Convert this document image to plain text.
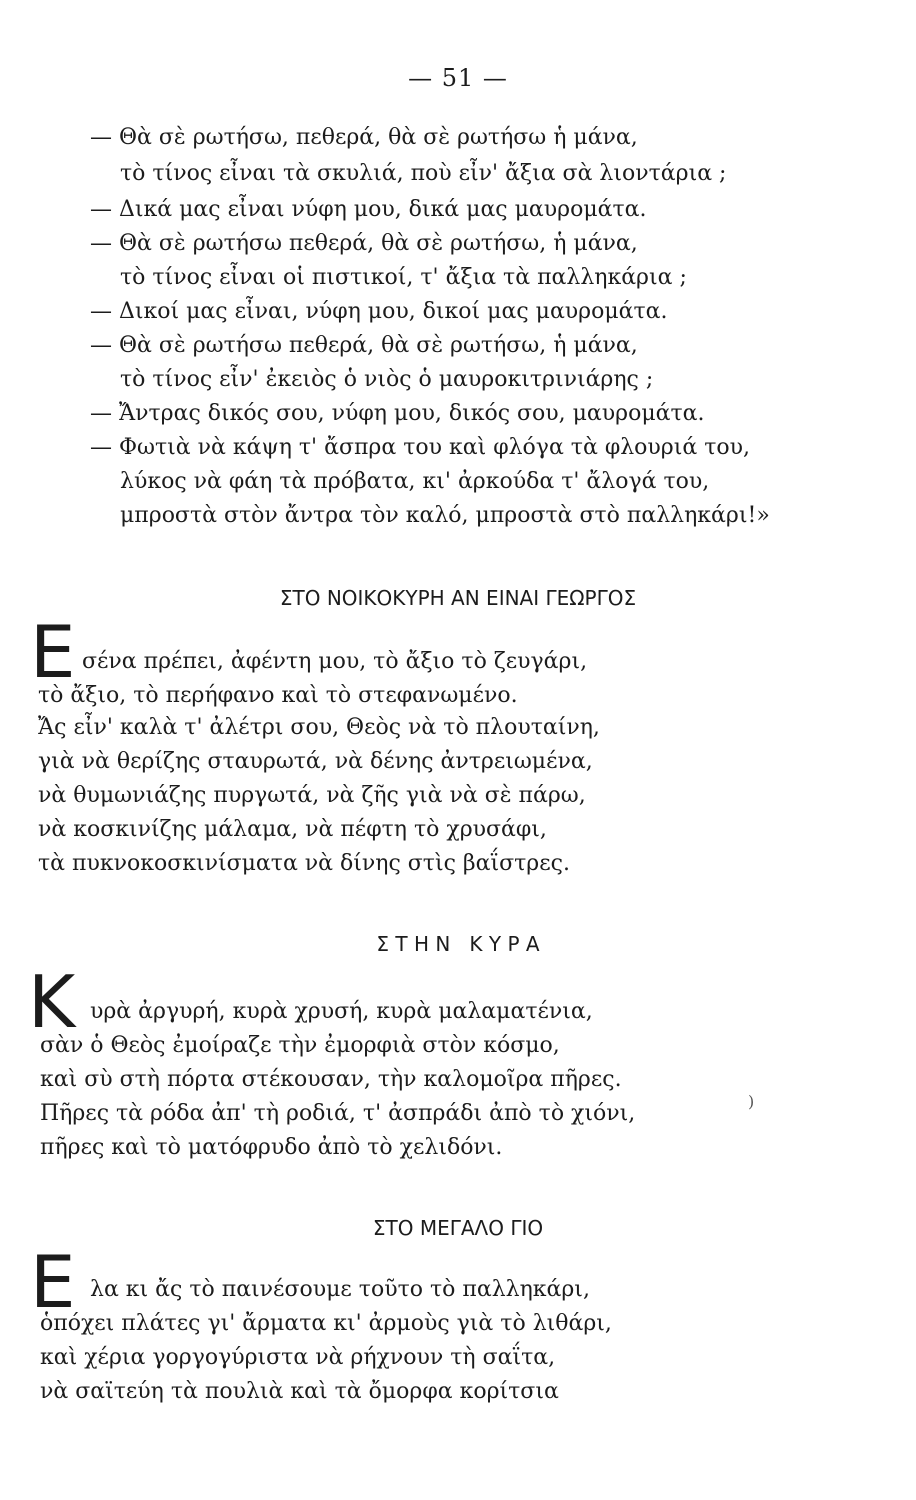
— 51 —
— Θὰ σὲ ρωτήσω, πεθερά, θὰ σὲ ρωτήσω ἡ μάνα,
τὸ τίνος εἶναι τὰ σκυλιά, ποὺ εἶν' ἄξια σὰ λιοντάρια ;
— Δικά μας εἶναι νύφη μου, δικά μας μαυρομάτα.
— Θὰ σὲ ρωτήσω πεθερά, θὰ σὲ ρωτήσω, ἡ μάνα,
τὸ τίνος εἶναι οἱ πιστικοί, τ' ἄξια τὰ παλληκάρια ;
— Δικοί μας εἶναι, νύφη μου, δικοί μας μαυρομάτα.
— Θὰ σὲ ρωτήσω πεθερά, θὰ σὲ ρωτήσω, ἡ μάνα,
τὸ τίνος εἶν' ἐκειὸς ὁ νιὸς ὁ μαυροκιτρινιάρης ;
— Ἄντρας δικός σου, νύφη μου, δικός σου, μαυρομάτα.
— Φωτιὰ νὰ κάψη τ' ἄσπρα του καὶ φλόγα τὰ φλουριά του,
λύκος νὰ φάη τὰ πρόβατα, κι' ἀρκούδα τ' ἄλογά του,
μπροστὰ στὸν ἄντρα τὸν καλό, μπροστὰ στὸ παλληκάρι!»
ΣΤΟ ΝΟΙΚΟΚΥΡΗ ΑΝ ΕΙΝΑΙ ΓΕΩΡΓΟΣ
Ε σένα πρέπει, ἀφέντη μου, τὸ ἄξιο τὸ ζευγάρι,
τὸ ἄξιο, τὸ περήφανο καὶ τὸ στεφανωμένο.
Ἄς εἶν' καλὰ τ' ἀλέτρι σου, Θεὸς νὰ τὸ πλουταίνη,
γιὰ νὰ θερίζης σταυρωτά, νὰ δένης ἀντρειωμένα,
νὰ θυμωνιάζης πυργωτά, νὰ ζῆς γιὰ νὰ σὲ πάρω,
νὰ κοσκινίζης μάλαμα, νὰ πέφτη τὸ χρυσάφι,
τὰ πυκνοκοσκινίσματα νὰ δίνης στὶς βαΐστρες.
Σ Τ Η Ν   Κ Υ Ρ Α
Κ υρὰ ἀργυρή, κυρὰ χρυσή, κυρὰ μαλαματένια,
σὰν ὁ Θεὸς ἐμοίραζε τὴν ἐμορφιὰ στὸν κόσμο,
καὶ σὺ στὴ πόρτα στέκουσαν, τὴν καλομοῖρα πῆρες.
Πῆρες τὰ ρόδα ἀπ' τὴ ροδιά, τ' ἀσπράδι ἀπὸ τὸ χιόνι,
πῆρες καὶ τὸ ματόφρυδο ἀπὸ τὸ χελιδόνι.
)
ΣΤΟ ΜΕΓΑΛΟ ΓΙΟ
Ε λα κι ἄς τὸ παινέσουμε τοῦτο τὸ παλληκάρι,
ὁπόχει πλάτες γι' ἄρματα κι' ἀρμοὺς γιὰ τὸ λιθάρι,
καὶ χέρια γοργογύριστα νὰ ρήχνουν τὴ σαΐτα,
νὰ σαϊτεύη τὰ πουλιὰ καὶ τὰ ὄμορφα κορίτσια
